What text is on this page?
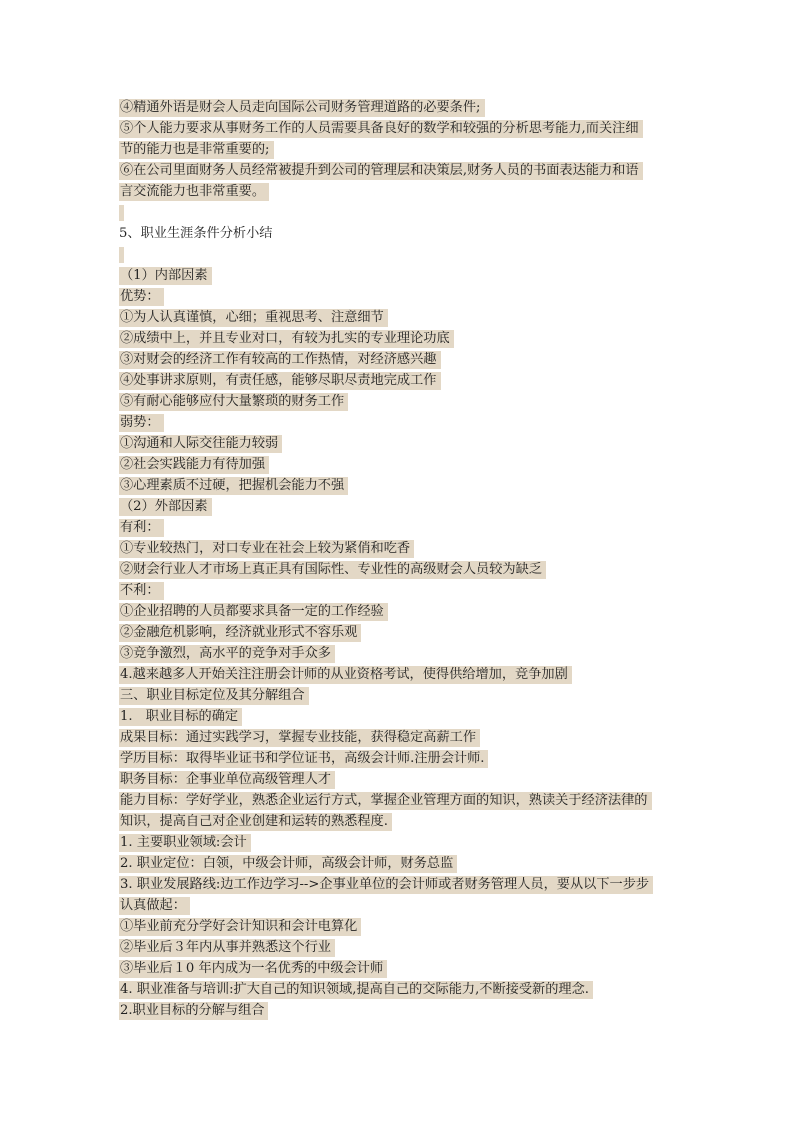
④精通外语是财会人员走向国际公司财务管理道路的必要条件;
⑤个人能力要求从事财务工作的人员需要具备良好的数学和较强的分析思考能力,而关注细
节的能力也是非常重要的;
⑥在公司里面财务人员经常被提升到公司的管理层和决策层,财务人员的书面表达能力和语
言交流能力也非常重要。
5、职业生涯条件分析小结
（1）内部因素
优势：
①为人认真谨慎，心细；重视思考、注意细节
②成绩中上，并且专业对口，有较为扎实的专业理论功底
③对财会的经济工作有较高的工作热情，对经济感兴趣
④处事讲求原则，有责任感，能够尽职尽责地完成工作
⑤有耐心能够应付大量繁琐的财务工作
弱势：
①沟通和人际交往能力较弱
②社会实践能力有待加强
③心理素质不过硬，把握机会能力不强
（2）外部因素
有利：
①专业较热门，对口专业在社会上较为紧俏和吃香
②财会行业人才市场上真正具有国际性、专业性的高级财会人员较为缺乏
不利：
①企业招聘的人员都要求具备一定的工作经验
②金融危机影响，经济就业形式不容乐观
③竞争激烈，高水平的竞争对手众多
4.越来越多人开始关注注册会计师的从业资格考试，使得供给增加，竞争加剧
三、职业目标定位及其分解组合
1.　职业目标的确定
成果目标：通过实践学习，掌握专业技能，获得稳定高薪工作
学历目标：取得毕业证书和学位证书，高级会计师.注册会计师.
职务目标：企事业单位高级管理人才
能力目标：学好学业，熟悉企业运行方式，掌握企业管理方面的知识，熟读关于经济法律的
知识，提高自己对企业创建和运转的熟悉程度.
1. 主要职业领域:会计
2. 职业定位：白领，中级会计师，高级会计师，财务总监
3. 职业发展路线:边工作边学习-->企事业单位的会计师或者财务管理人员，要从以下一步步
认真做起：
①毕业前充分学好会计知识和会计电算化
②毕业后３年内从事并熟悉这个行业
③毕业后１0 年内成为一名优秀的中级会计师
4. 职业准备与培训:扩大自己的知识领域,提高自己的交际能力,不断接受新的理念.
2.职业目标的分解与组合
